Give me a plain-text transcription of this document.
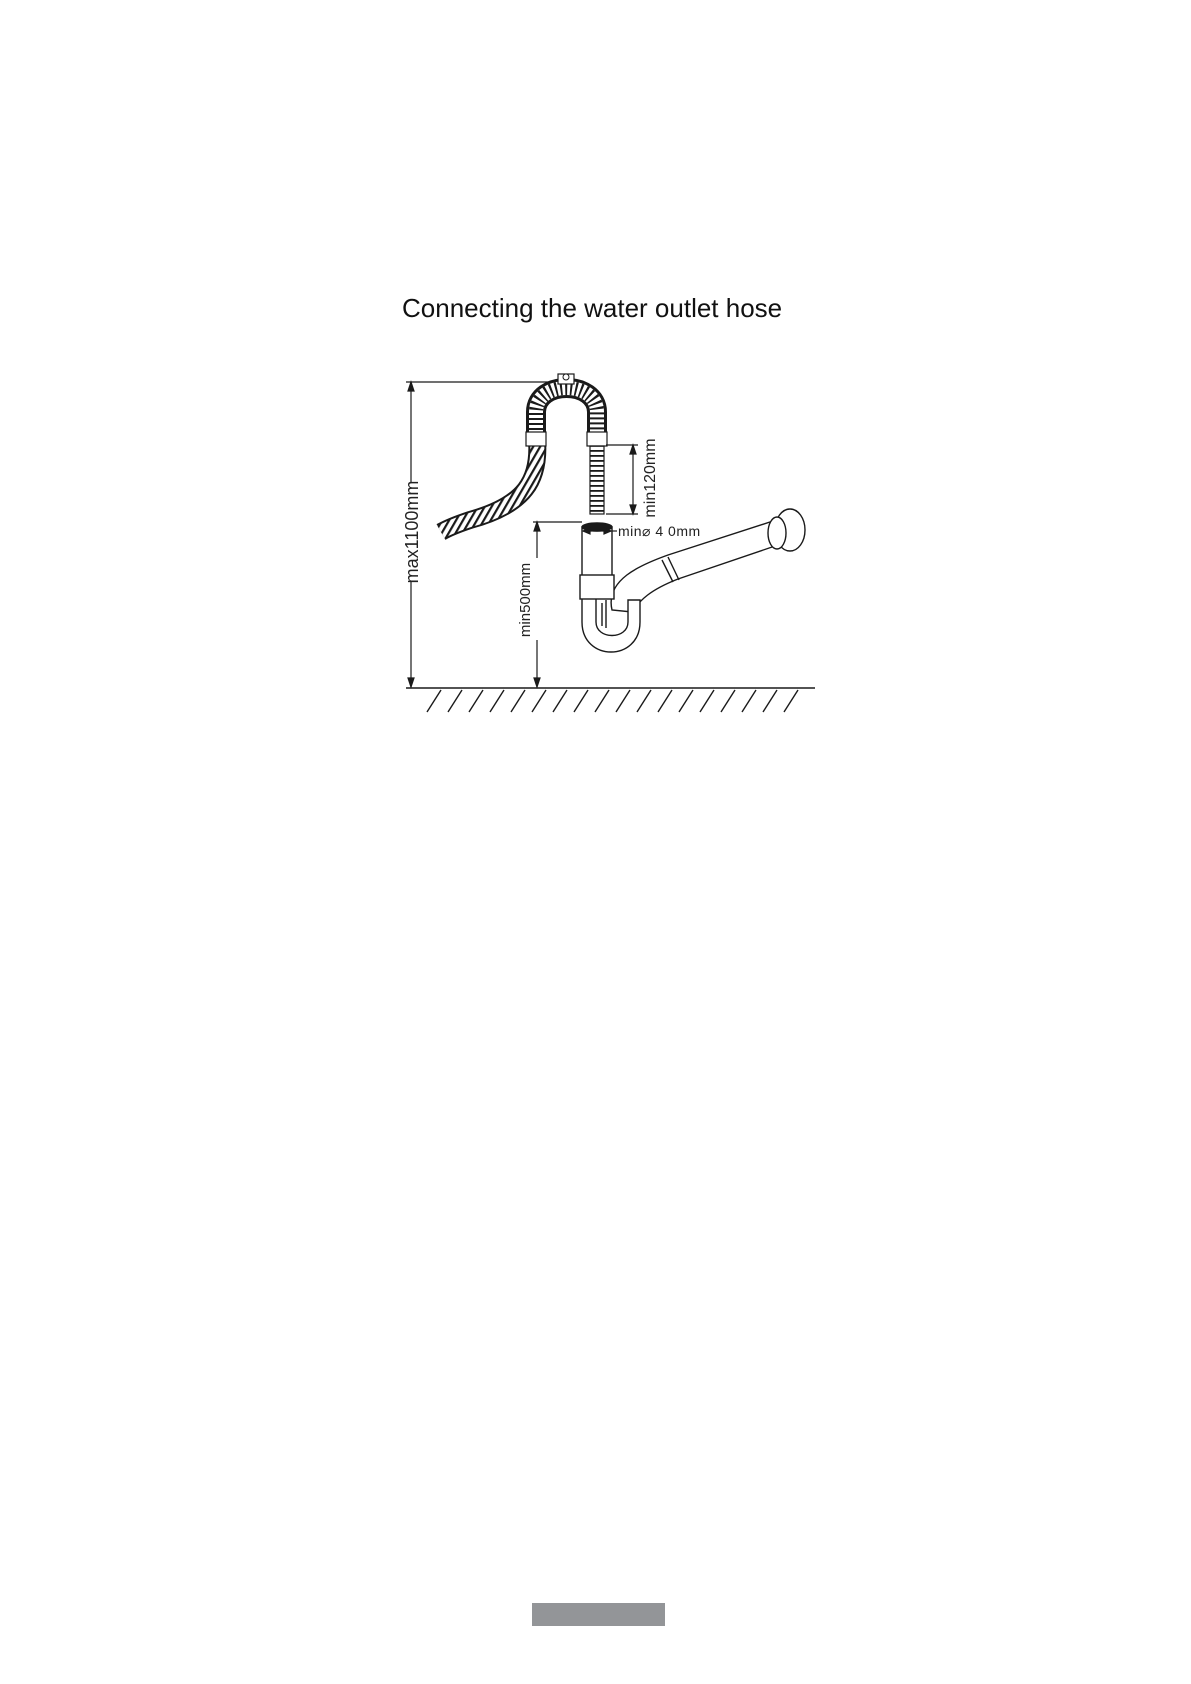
Connecting the water outlet hose
max1100mm
min120mm
min⌀ 4 0mm
min500mm
